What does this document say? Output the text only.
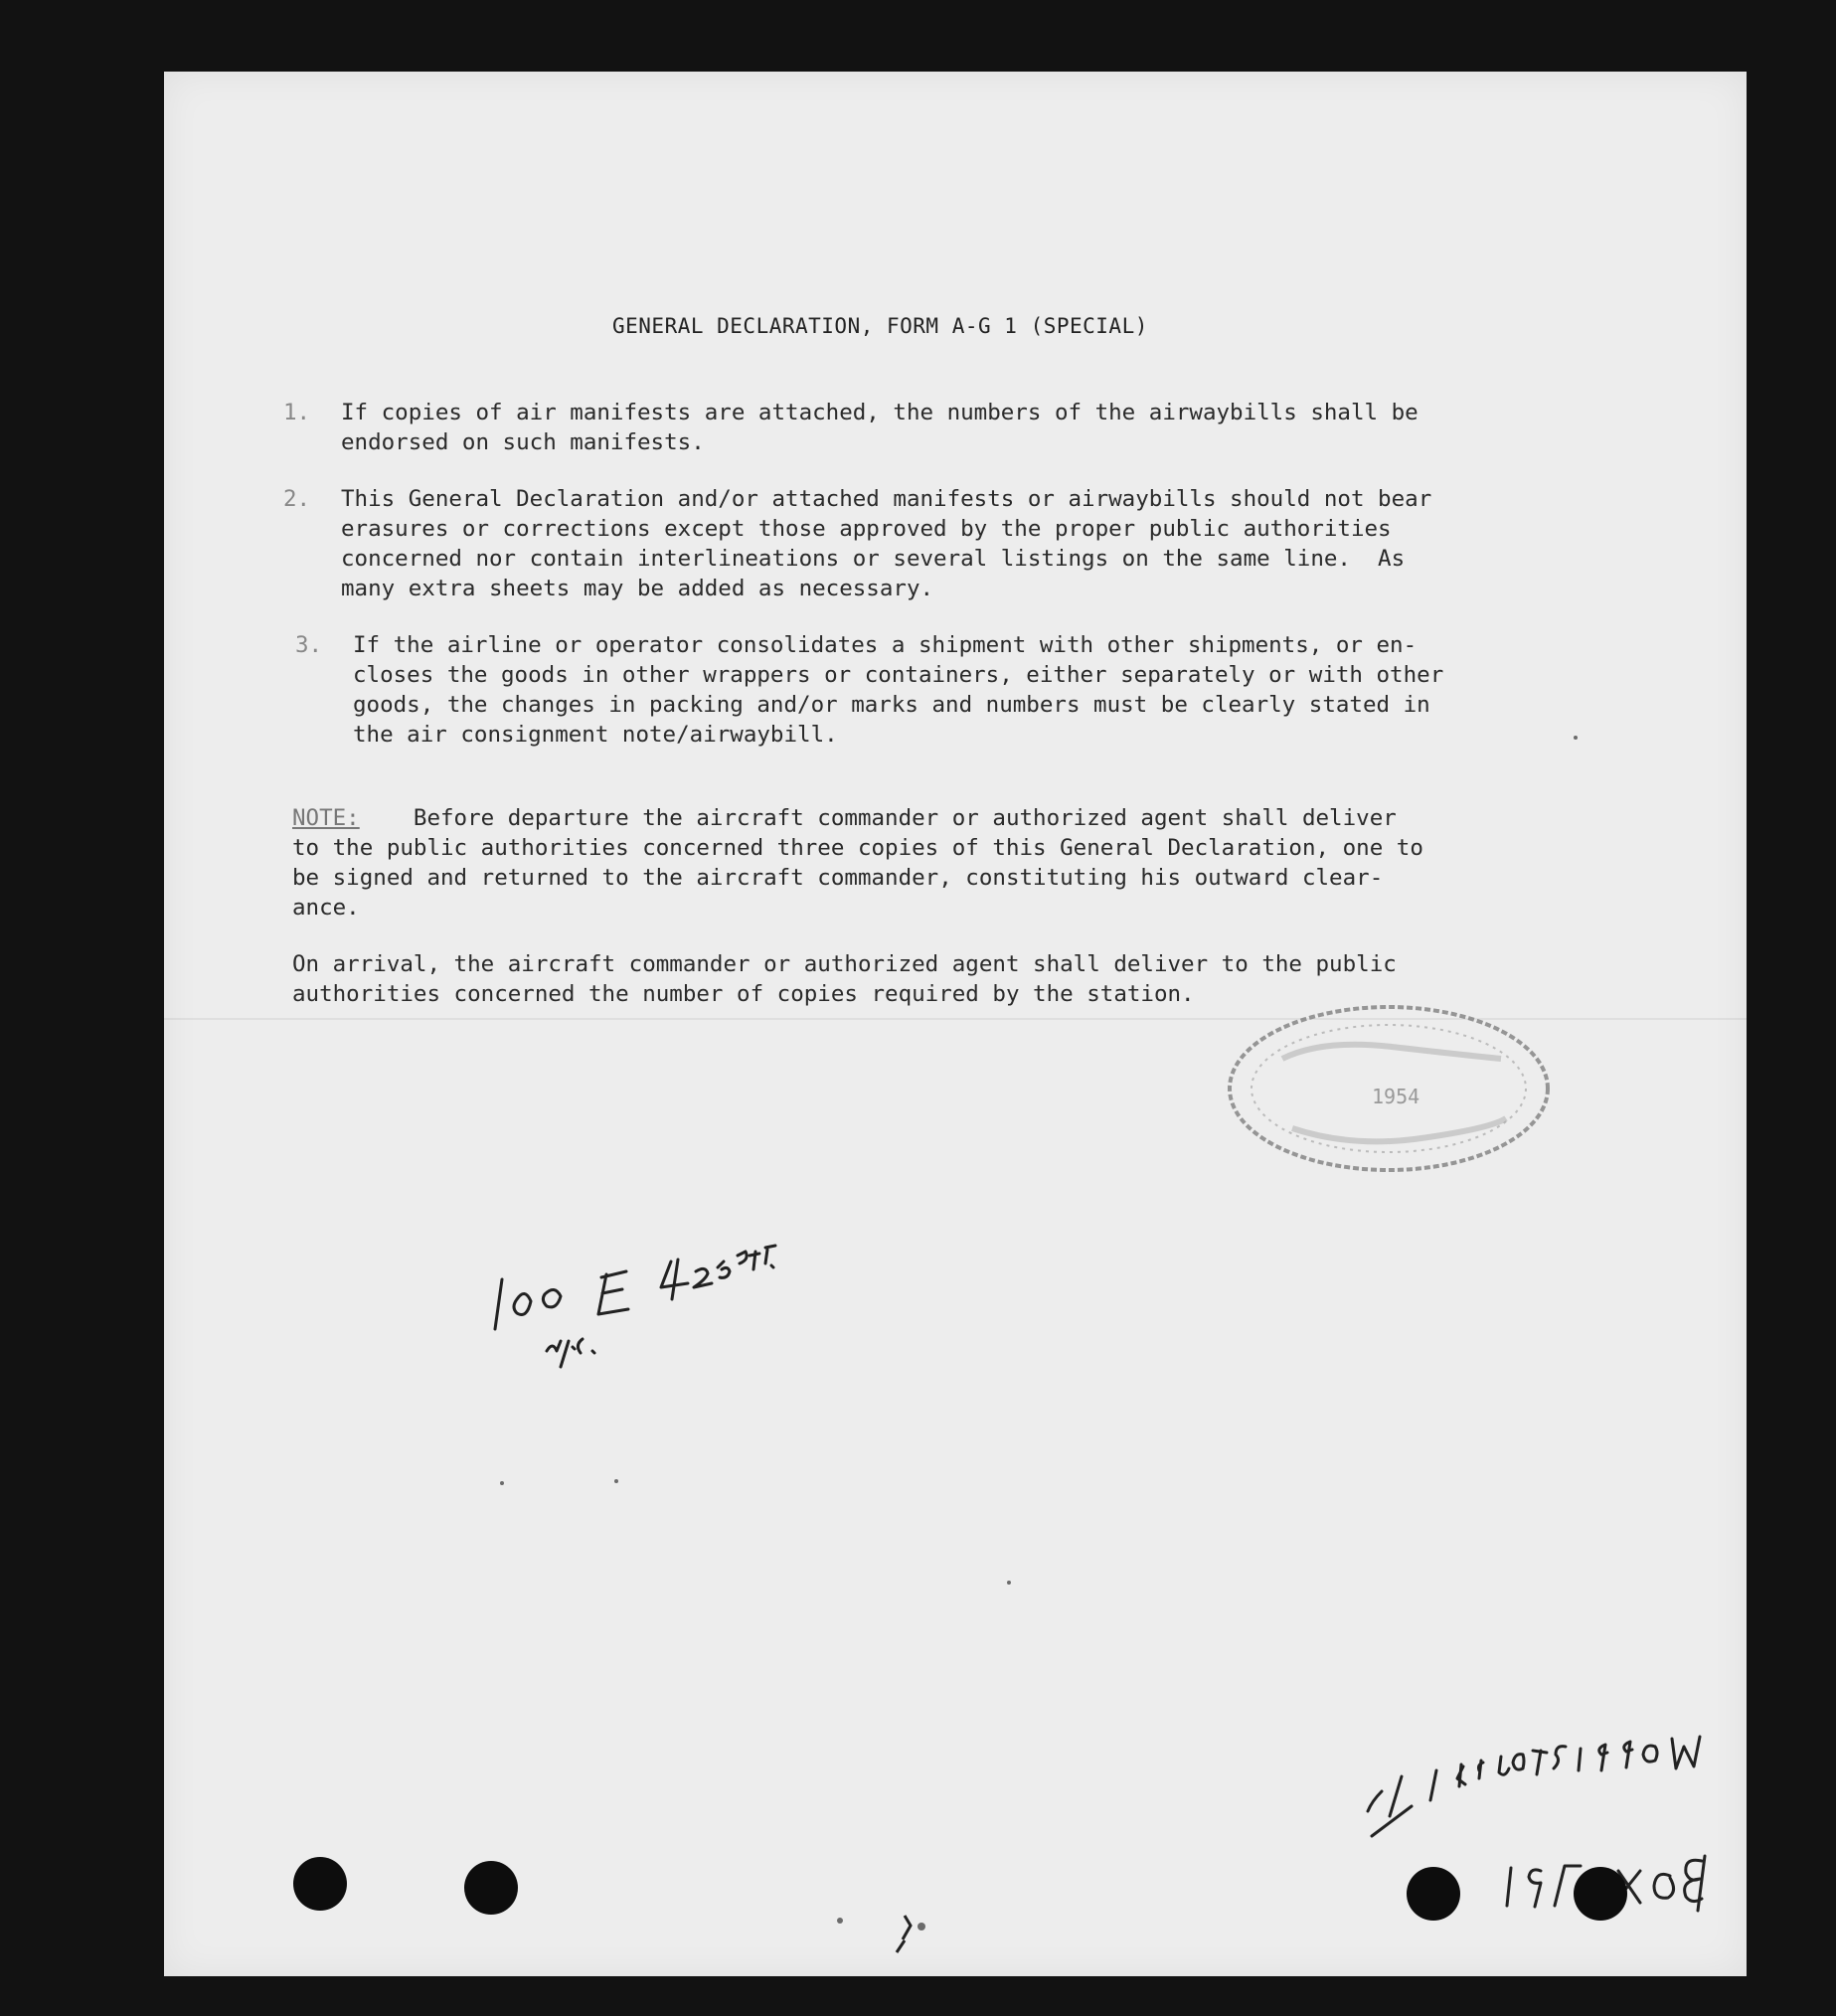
GENERAL DECLARATION, FORM A-G 1 (SPECIAL)
1. If copies of air manifests are attached, the numbers of the airwaybills shall be
endorsed on such manifests.
2. This General Declaration and/or attached manifests or airwaybills should not bear
erasures or corrections except those approved by the proper public authorities
concerned nor contain interlineations or several listings on the same line.  As
many extra sheets may be added as necessary.
3. If the airline or operator consolidates a shipment with other shipments, or en-
closes the goods in other wrappers or containers, either separately or with other
goods, the changes in packing and/or marks and numbers must be clearly stated in
the air consignment note/airwaybill.
NOTE:    Before departure the aircraft commander or authorized agent shall deliver
to the public authorities concerned three copies of this General Declaration, one to
be signed and returned to the aircraft commander, constituting his outward clear-
ance.
On arrival, the aircraft commander or authorized agent shall deliver to the public
authorities concerned the number of copies required by the station.
1954
